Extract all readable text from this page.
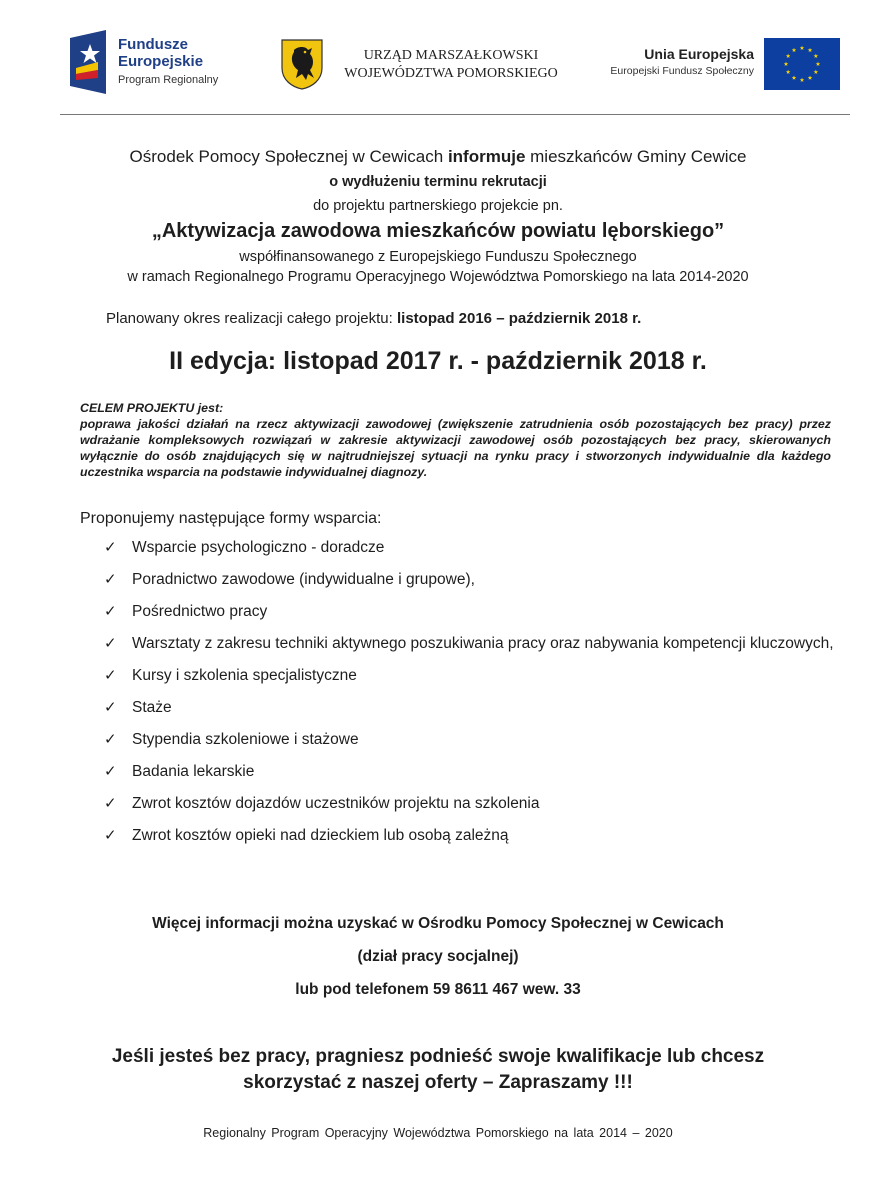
Fundusze
Europejskie
Program Regionalny
URZĄD MARSZAŁKOWSKI
WOJEWÓDZTWA POMORSKIEGO
Unia Europejska
Europejski Fundusz Społeczny
Ośrodek Pomocy Społecznej w Cewicach informuje mieszkańców Gminy Cewice
o wydłużeniu terminu rekrutacji
do projektu partnerskiego projekcie pn.
„Aktywizacja zawodowa mieszkańców powiatu lęborskiego”
współfinansowanego z Europejskiego Funduszu Społecznego
w ramach Regionalnego Programu Operacyjnego Województwa Pomorskiego na lata 2014-2020
Planowany okres realizacji całego projektu: listopad 2016 – październik 2018 r.
II edycja: listopad 2017 r. - październik 2018 r.
CELEM PROJEKTU jest:
poprawa jakości działań na rzecz aktywizacji zawodowej (zwiększenie zatrudnienia osób pozostających bez pracy) przez wdrażanie kompleksowych rozwiązań w zakresie aktywizacji zawodowej osób pozostających bez pracy, skierowanych wyłącznie do osób znajdujących się w najtrudniejszej sytuacji na rynku pracy i stworzonych indywidualnie dla każdego uczestnika wsparcia na podstawie indywidualnej diagnozy.
Proponujemy następujące formy wsparcia:
✓ Wsparcie psychologiczno - doradcze
✓ Poradnictwo zawodowe (indywidualne i grupowe),
✓ Pośrednictwo pracy
✓ Warsztaty z zakresu techniki aktywnego poszukiwania pracy oraz nabywania kompetencji kluczowych,
✓ Kursy i szkolenia specjalistyczne
✓ Staże
✓ Stypendia szkoleniowe i stażowe
✓ Badania lekarskie
✓ Zwrot kosztów dojazdów uczestników projektu na szkolenia
✓ Zwrot kosztów opieki nad dzieckiem lub osobą zależną
Więcej informacji można uzyskać w Ośrodku Pomocy Społecznej w Cewicach
(dział pracy socjalnej)
lub pod telefonem 59 8611 467 wew. 33
Jeśli jesteś bez pracy, pragniesz podnieść swoje kwalifikacje lub chcesz
skorzystać z naszej oferty – Zapraszamy !!!
Regionalny Program Operacyjny Województwa Pomorskiego na lata 2014 – 2020
